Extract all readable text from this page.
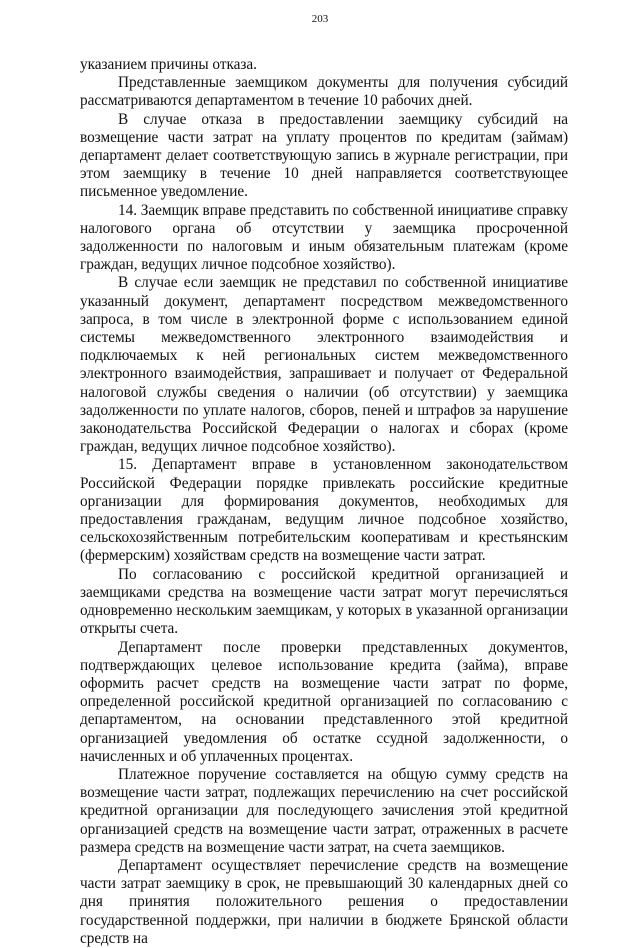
203

указанием причины отказа.

Представленные заемщиком документы для получения субсидий рассматриваются департаментом в течение 10 рабочих дней.

В случае отказа в предоставлении заемщику субсидий на возмещение части затрат на уплату процентов по кредитам (займам) департамент делает соответствующую запись в журнале регистрации, при этом заемщику в течение 10 дней направляется соответствующее письменное уведомление.

14. Заемщик вправе представить по собственной инициативе справку налогового органа об отсутствии у заемщика просроченной задолженности по налоговым и иным обязательным платежам (кроме граждан, ведущих личное подсобное хозяйство).

В случае если заемщик не представил по собственной инициативе указанный документ, департамент посредством межведомственного запроса, в том числе в электронной форме с использованием единой системы межведомственного электронного взаимодействия и подключаемых к ней региональных систем межведомственного электронного взаимодействия, запрашивает и получает от Федеральной налоговой службы сведения о наличии (об отсутствии) у заемщика задолженности по уплате налогов, сборов, пеней и штрафов за нарушение законодательства Российской Федерации о налогах и сборах (кроме граждан, ведущих личное подсобное хозяйство).

15. Департамент вправе в установленном законодательством Российской Федерации порядке привлекать российские кредитные организации для формирования документов, необходимых для предоставления гражданам, ведущим личное подсобное хозяйство, сельскохозяйственным потребительским кооперативам и крестьянским (фермерским) хозяйствам средств на возмещение части затрат.

По согласованию с российской кредитной организацией и заемщиками средства на возмещение части затрат могут перечисляться одновременно нескольким заемщикам, у которых в указанной организации открыты счета.

Департамент после проверки представленных документов, подтверждающих целевое использование кредита (займа), вправе оформить расчет средств на возмещение части затрат по форме, определенной российской кредитной организацией по согласованию с департаментом, на основании представленного этой кредитной организацией уведомления об остатке ссудной задолженности, о начисленных и об уплаченных процентах.

Платежное поручение составляется на общую сумму средств на возмещение части затрат, подлежащих перечислению на счет российской кредитной организации для последующего зачисления этой кредитной организацией средств на возмещение части затрат, отраженных в расчете размера средств на возмещение части затрат, на счета заемщиков.

Департамент осуществляет перечисление средств на возмещение части затрат заемщику в срок, не превышающий 30 календарных дней со дня принятия положительного решения о предоставлении государственной поддержки, при наличии в бюджете Брянской области средств на
